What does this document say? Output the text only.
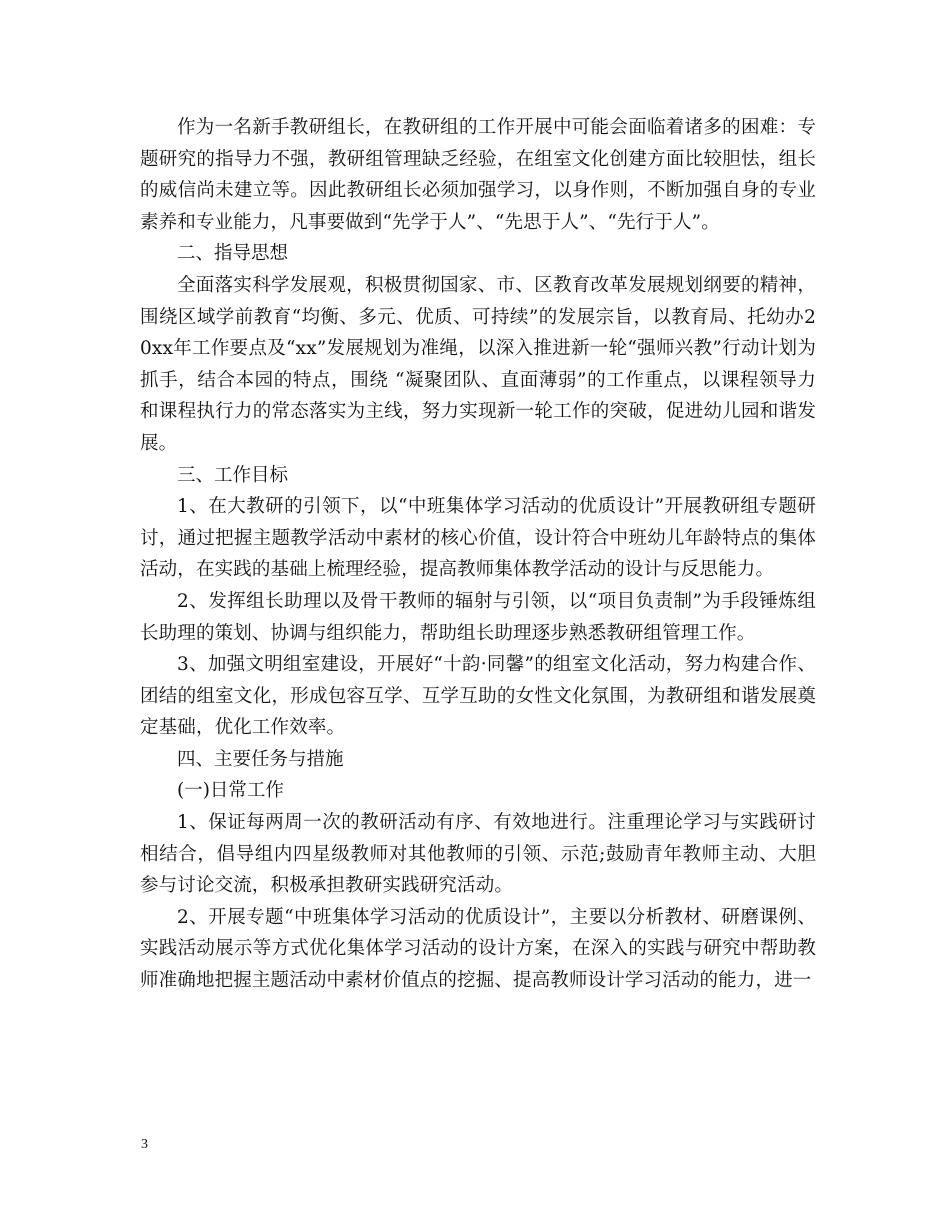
作为一名新手教研组长，在教研组的工作开展中可能会面临着诸多的困难：专题研究的指导力不强，教研组管理缺乏经验，在组室文化创建方面比较胆怯，组长的威信尚未建立等。因此教研组长必须加强学习，以身作则，不断加强自身的专业素养和专业能力，凡事要做到“先学于人”、“先思于人”、“先行于人”。

二、指导思想

全面落实科学发展观，积极贯彻国家、市、区教育改革发展规划纲要的精神，围绕区域学前教育“均衡、多元、优质、可持续”的发展宗旨，以教育局、托幼办20xx年工作要点及“xx”发展规划为准绳，以深入推进新一轮“强师兴教”行动计划为抓手，结合本园的特点，围绕 “凝聚团队、直面薄弱”的工作重点，以课程领导力和课程执行力的常态落实为主线，努力实现新一轮工作的突破，促进幼儿园和谐发展。

三、工作目标

1、在大教研的引领下，以“中班集体学习活动的优质设计”开展教研组专题研讨，通过把握主题教学活动中素材的核心价值，设计符合中班幼儿年龄特点的集体活动，在实践的基础上梳理经验，提高教师集体教学活动的设计与反思能力。

2、发挥组长助理以及骨干教师的辐射与引领，以“项目负责制”为手段锤炼组长助理的策划、协调与组织能力，帮助组长助理逐步熟悉教研组管理工作。

3、加强文明组室建设，开展好“十韵·同馨”的组室文化活动，努力构建合作、团结的组室文化，形成包容互学、互学互助的女性文化氛围，为教研组和谐发展奠定基础，优化工作效率。

四、主要任务与措施

(一)日常工作

1、保证每两周一次的教研活动有序、有效地进行。注重理论学习与实践研讨相结合，倡导组内四星级教师对其他教师的引领、示范;鼓励青年教师主动、大胆参与讨论交流，积极承担教研实践研究活动。

2、开展专题“中班集体学习活动的优质设计”，主要以分析教材、研磨课例、实践活动展示等方式优化集体学习活动的设计方案，在深入的实践与研究中帮助教师准确地把握主题活动中素材价值点的挖掘、提高教师设计学习活动的能力，进一

3
